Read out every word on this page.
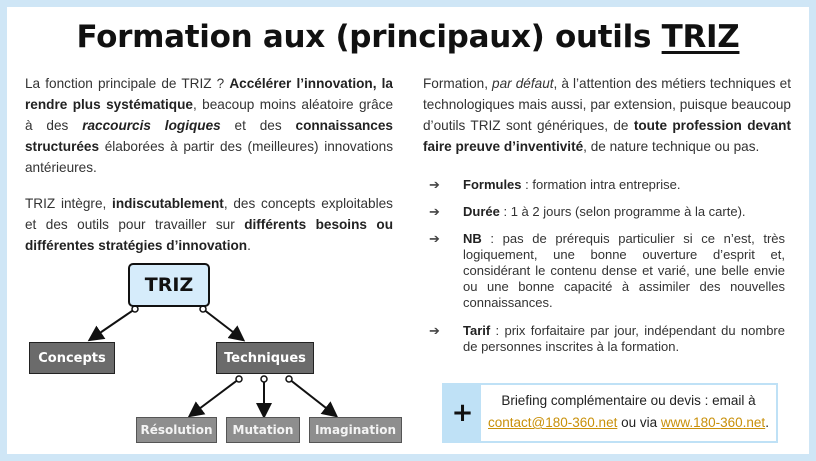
Formation aux (principaux) outils TRIZ

La fonction principale de TRIZ ? Accélérer l’innovation, la rendre plus systématique, beacoup moins aléatoire grâce à des raccourcis logiques et des connaissances structurées élaborées à partir des (meilleures) innovations antérieures.

TRIZ intègre, indiscutablement, des concepts exploitables et des outils pour travailler sur différents besoins ou différentes stratégies d’innovation.

Formation, par défaut, à l’attention des métiers techniques et technologiques mais aussi, par extension, puisque beaucoup d’outils TRIZ sont génériques, de toute profession devant faire preuve d’inventivité, de nature technique ou pas.

➔ Formules : formation intra entreprise.
➔ Durée : 1 à 2 jours (selon programme à la carte).
➔ NB : pas de prérequis particulier si ce n’est, très logiquement, une bonne ouverture d’esprit et, considérant le contenu dense et varié, une belle envie ou une bonne capacité à assimiler des nouvelles connaissances.
➔ Tarif : prix forfaitaire par jour, indépendant du nombre de personnes inscrites à la formation.
TRIZ
Concepts	Techniques
Résolution	Mutation	Imagination
+	Briefing complémentaire ou devis : email à
contact@180-360.net ou via www.180-360.net.
